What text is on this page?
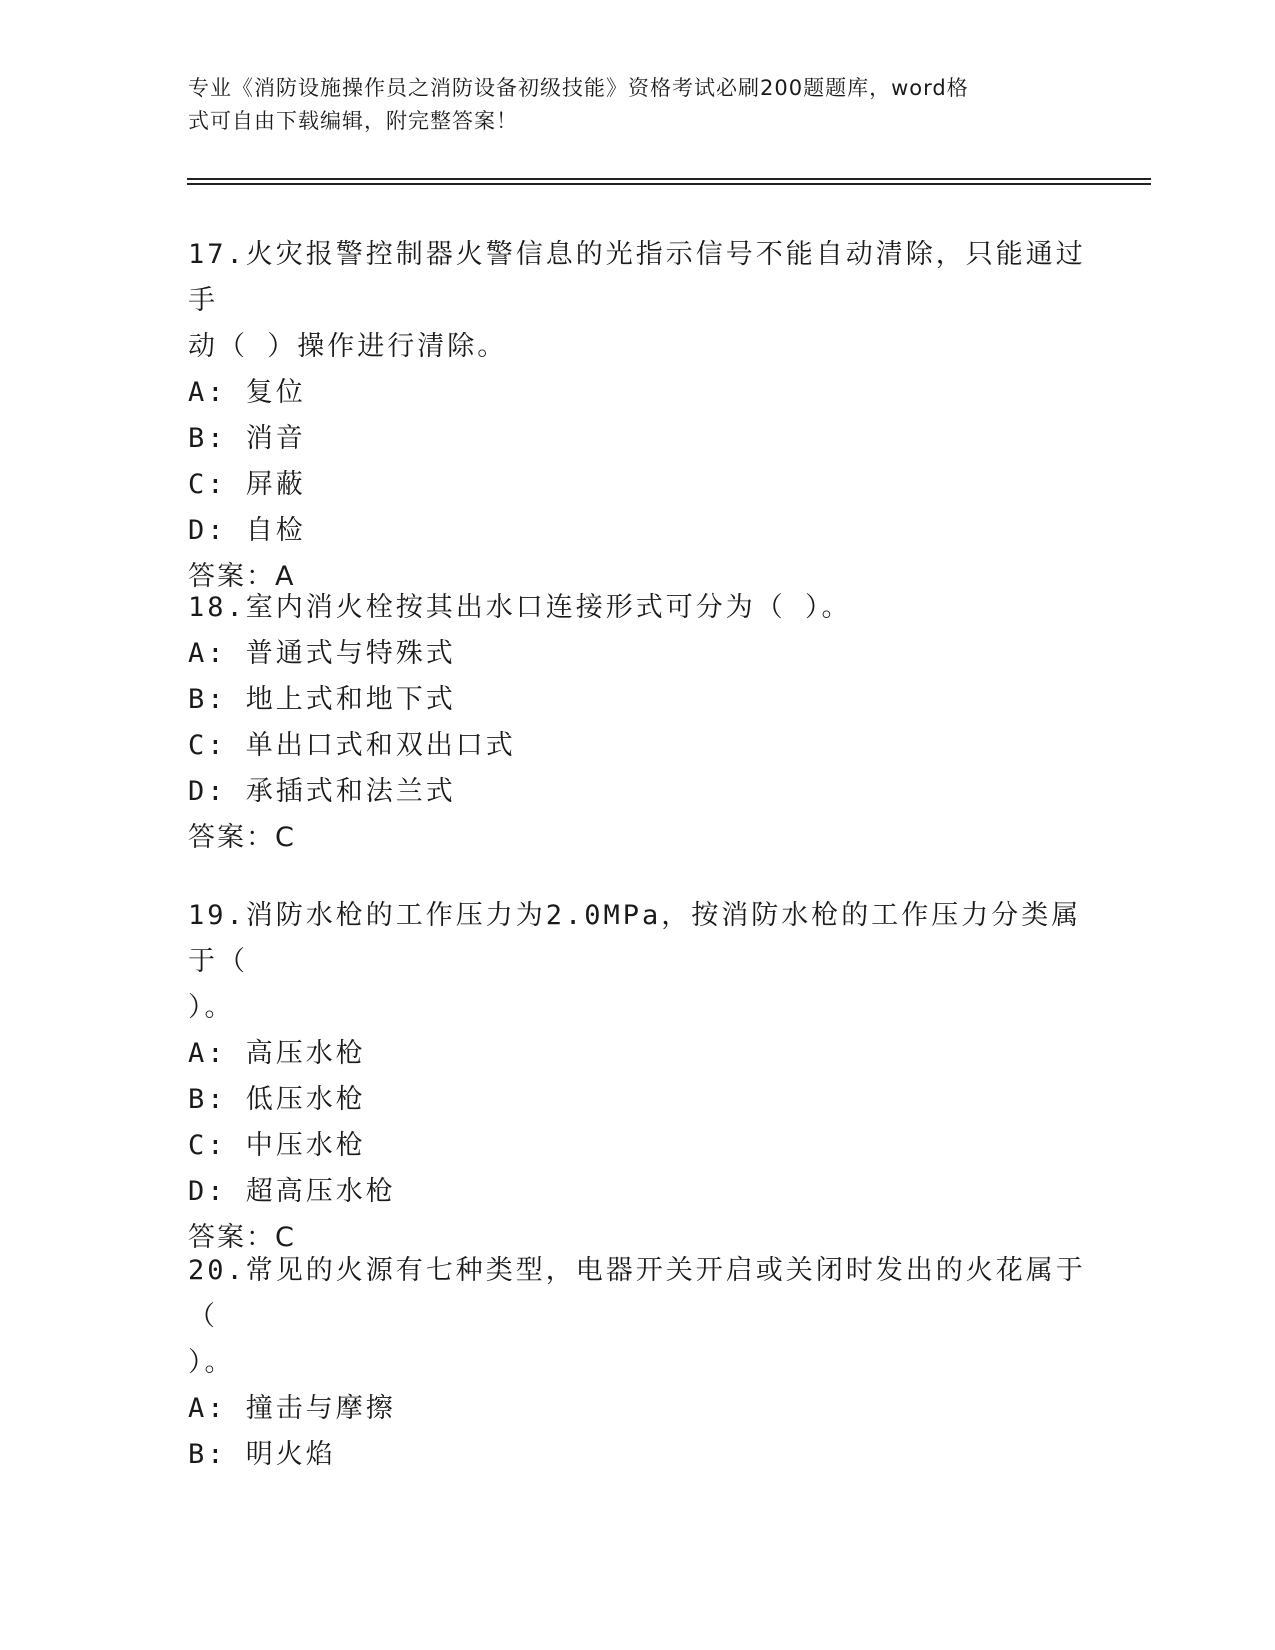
专业《消防设施操作员之消防设备初级技能》资格考试必刷200题题库，word格
式可自由下载编辑，附完整答案！

17.火灾报警控制器火警信息的光指示信号不能自动清除，只能通过手

动（ ）操作进行清除。

A: 复位

B: 消音

C: 屏蔽

D: 自检

答案：A

18.室内消火栓按其出水口连接形式可分为（ ）。

A: 普通式与特殊式

B: 地上式和地下式

C: 单出口式和双出口式

D: 承插式和法兰式

答案：C

19.消防水枪的工作压力为2.0MPa，按消防水枪的工作压力分类属于（

）。

A: 高压水枪

B: 低压水枪

C: 中压水枪

D: 超高压水枪

答案：C

20.常见的火源有七种类型，电器开关开启或关闭时发出的火花属于（

）。

A: 撞击与摩擦

B: 明火焰
